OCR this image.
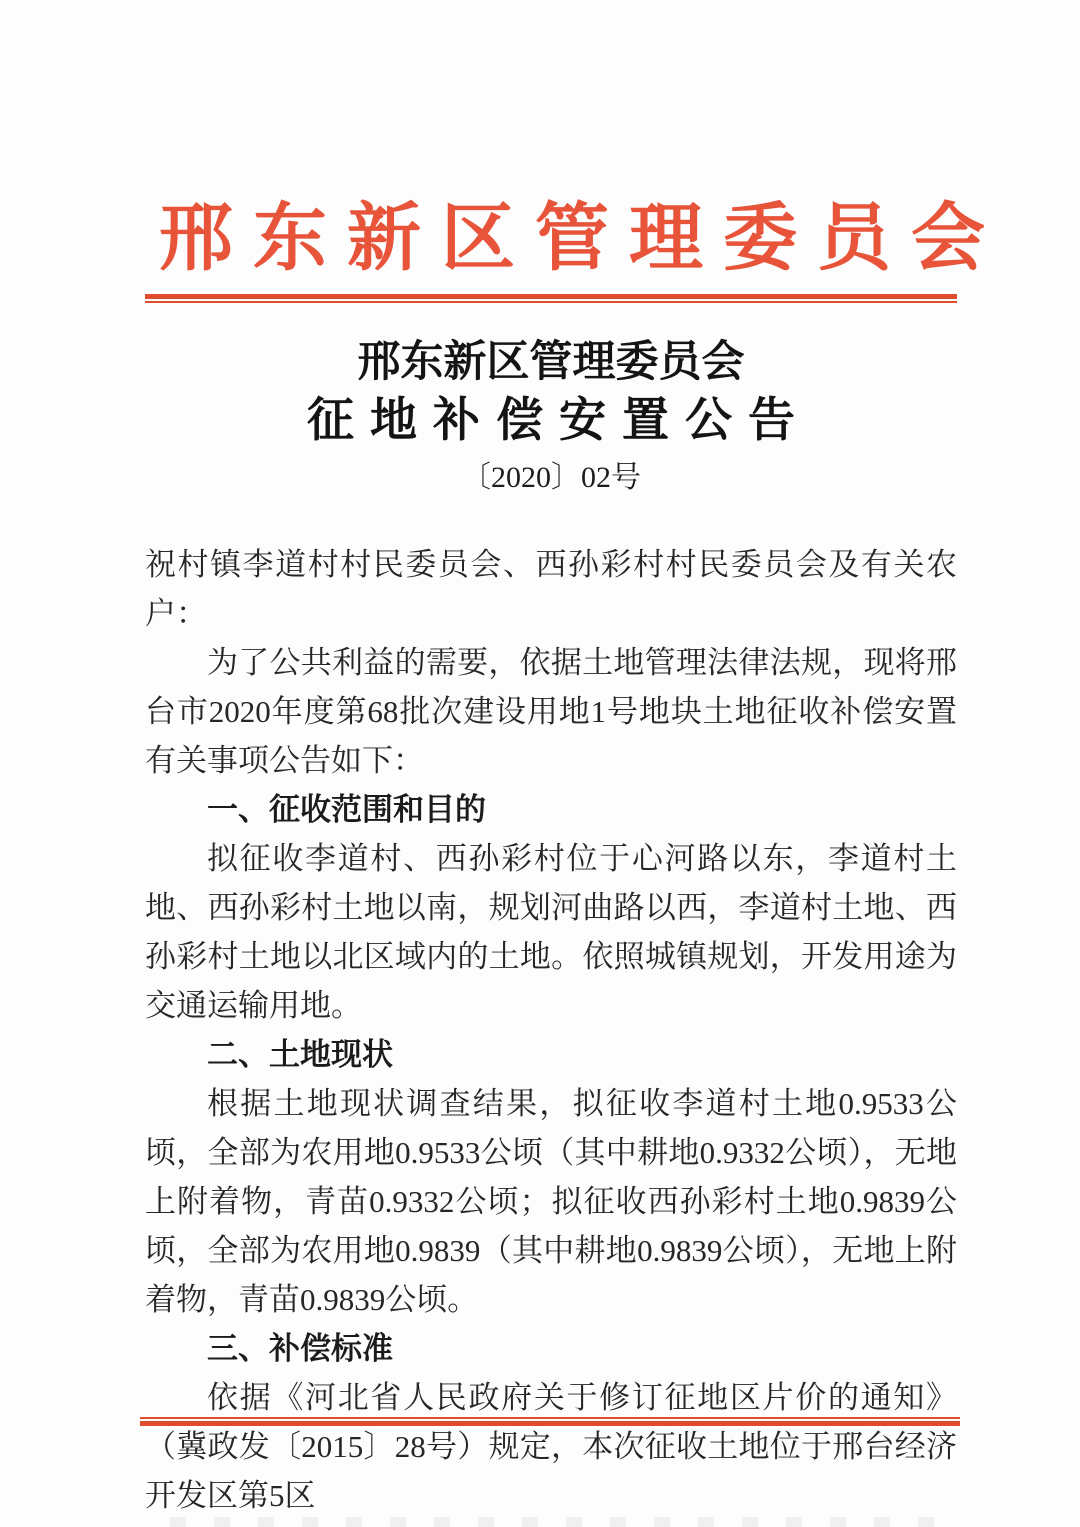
邢东新区管理委员会
邢东新区管理委员会
征地补偿安置公告
〔2020〕02号

祝村镇李道村村民委员会、西孙彩村村民委员会及有关农户：

为了公共利益的需要，依据土地管理法律法规，现将邢台市2020年度第68批次建设用地1号地块土地征收补偿安置有关事项公告如下：

一、征收范围和目的

拟征收李道村、西孙彩村位于心河路以东，李道村土地、西孙彩村土地以南，规划河曲路以西，李道村土地、西孙彩村土地以北区域内的土地。依照城镇规划，开发用途为交通运输用地。

二、土地现状

根据土地现状调查结果，拟征收李道村土地0.9533公顷，全部为农用地0.9533公顷（其中耕地0.9332公顷），无地上附着物，青苗0.9332公顷；拟征收西孙彩村土地0.9839公顷，全部为农用地0.9839（其中耕地0.9839公顷），无地上附着物，青苗0.9839公顷。

三、补偿标准

依据《河北省人民政府关于修订征地区片价的通知》（冀政发〔2015〕28号）规定，本次征收土地位于邢台经济开发区第5区
